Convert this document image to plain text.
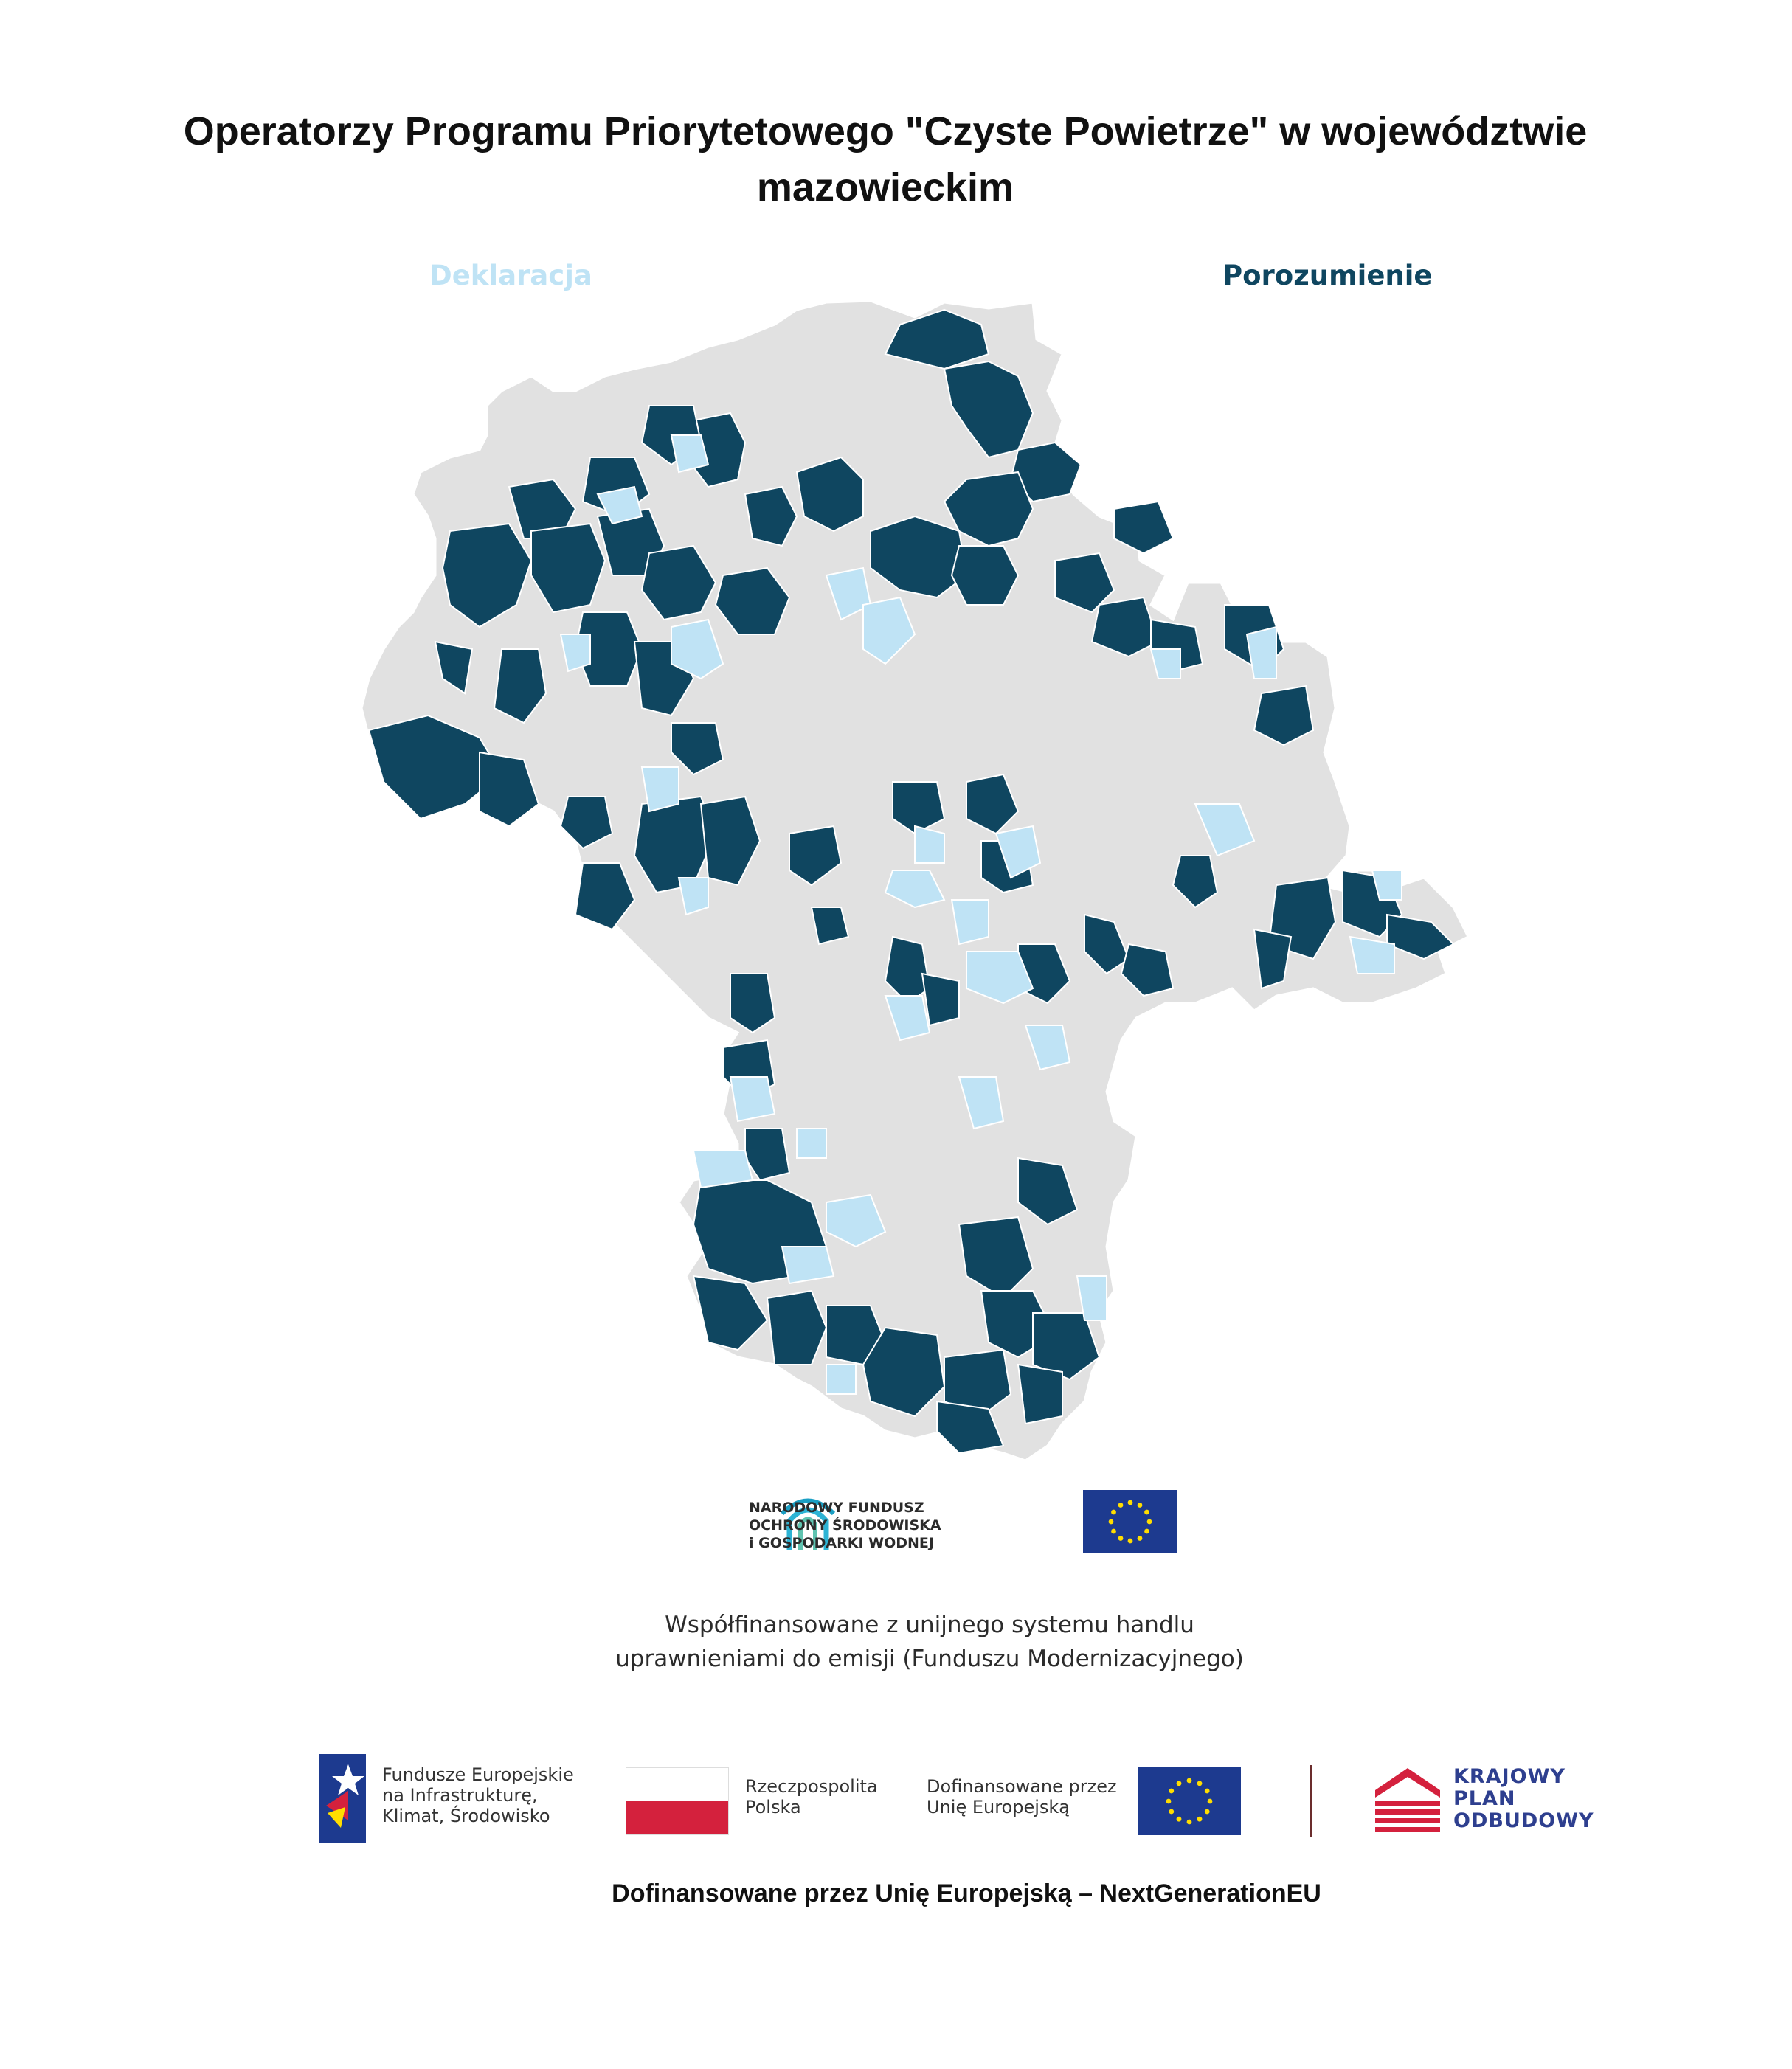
Operatorzy Programu Priorytetowego "Czyste Powietrze" w województwie
mazowieckim
Deklaracja	Porozumienie
NARODOWY FUNDUSZ
OCHRONY ŚRODOWISKA
i GOSPODARKI WODNEJ
Współfinansowane z unijnego systemu handlu
uprawnieniami do emisji (Funduszu Modernizacyjnego)
Fundusze Europejskie
na Infrastrukturę,
Klimat, Środowisko
Rzeczpospolita
Polska
Dofinansowane przez
Unię Europejską
KRAJOWY
PLAN
ODBUDOWY
Dofinansowane przez Unię Europejską – NextGenerationEU
